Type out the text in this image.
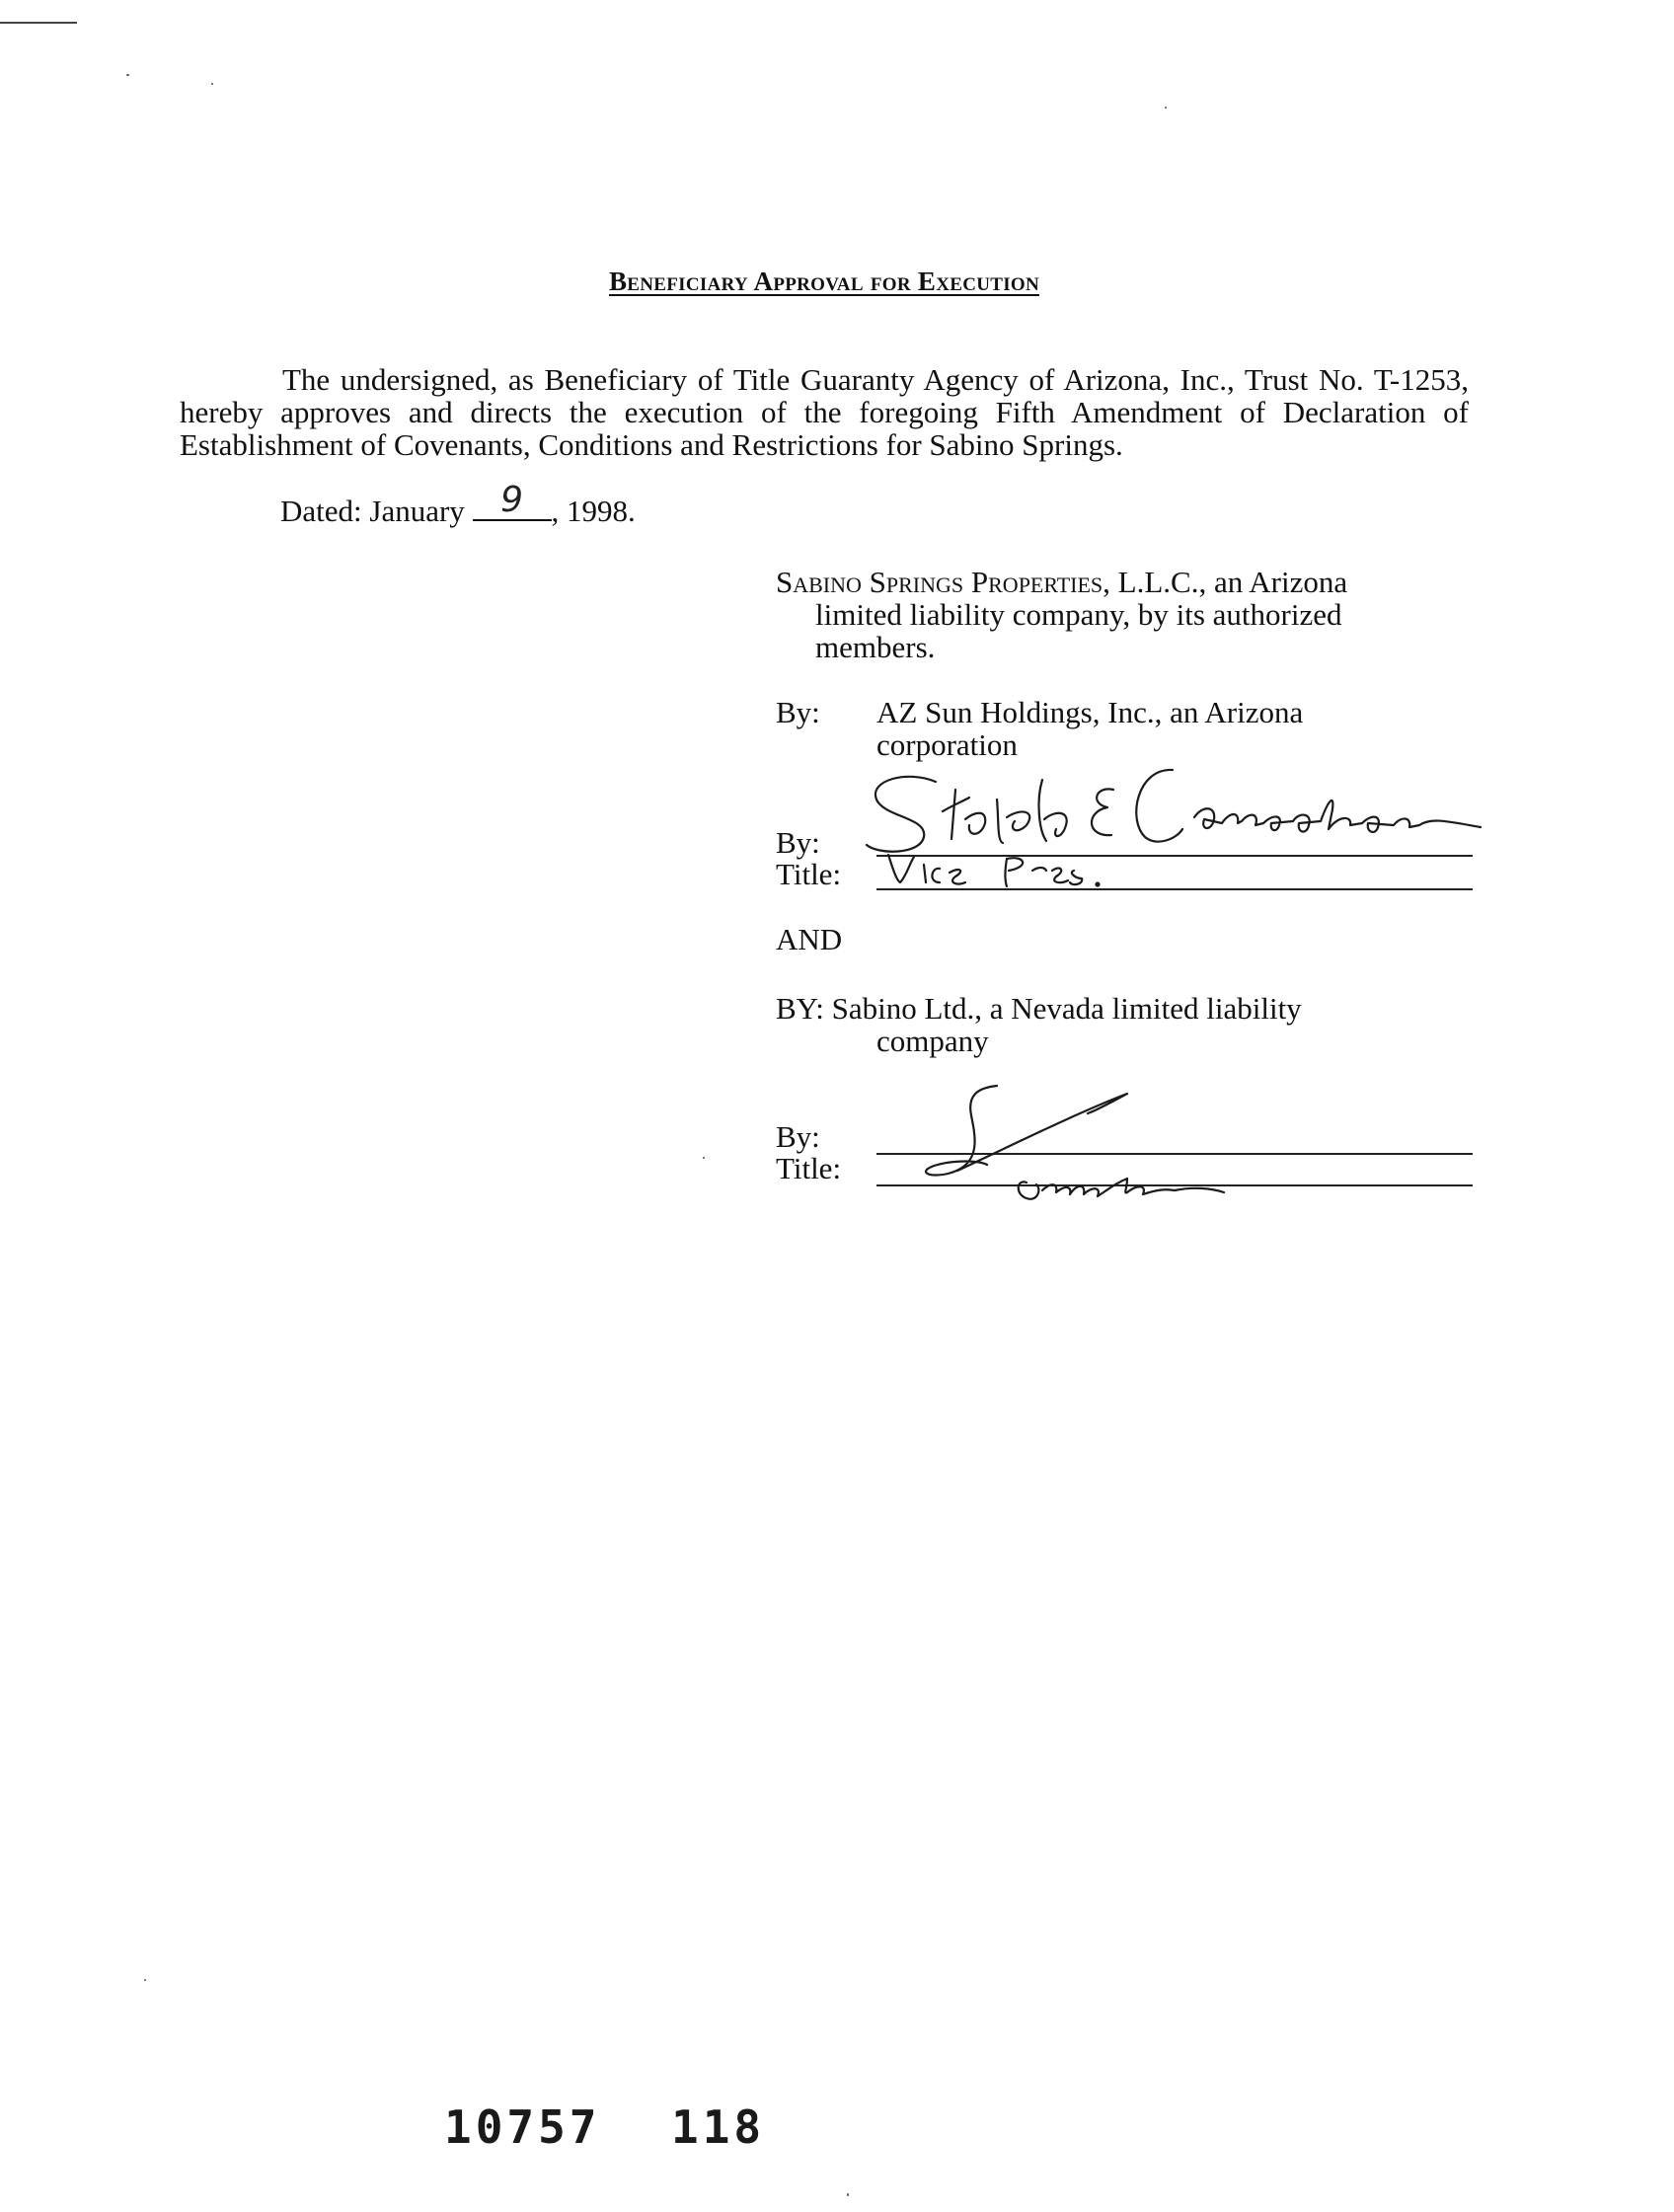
Beneficiary Approval for Execution
The undersigned, as Beneficiary of Title Guaranty Agency of Arizona, Inc., Trust No. T-1253, hereby approves and directs the execution of the foregoing Fifth Amendment of Declaration of Establishment of Covenants, Conditions and Restrictions for Sabino Springs.
Dated: January	9 , 1998.
Sabino Springs Properties, L.L.C., an Arizona
limited liability company, by its authorized
members.
By: AZ Sun Holdings, Inc., an Arizona
corporation
By:
Title:
AND
BY: Sabino Ltd., a Nevada limited liability
company
By:
Title:
10757 118
